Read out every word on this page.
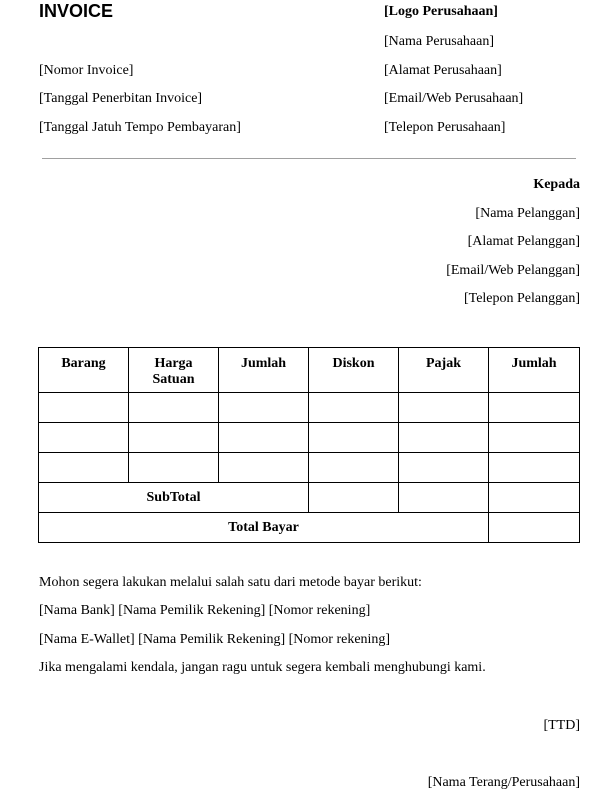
INVOICE
[Nomor Invoice]
[Tanggal Penerbitan Invoice]
[Tanggal Jatuh Tempo Pembayaran]
[Logo Perusahaan]
[Nama Perusahaan]
[Alamat Perusahaan]
[Email/Web Perusahaan]
[Telepon Perusahaan]
Kepada
[Nama Pelanggan]
[Alamat Pelanggan]
[Email/Web Pelanggan]
[Telepon Pelanggan]
Barang	Harga Satuan	Jumlah	Diskon	Pajak	Jumlah

SubTotal					
Total Bayar					
Mohon segera lakukan melalui salah satu dari metode bayar berikut:
[Nama Bank] [Nama Pemilik Rekening] [Nomor rekening]
[Nama E-Wallet] [Nama Pemilik Rekening] [Nomor rekening]
Jika mengalami kendala, jangan ragu untuk segera kembali menghubungi kami.
[TTD]
[Nama Terang/Perusahaan]
